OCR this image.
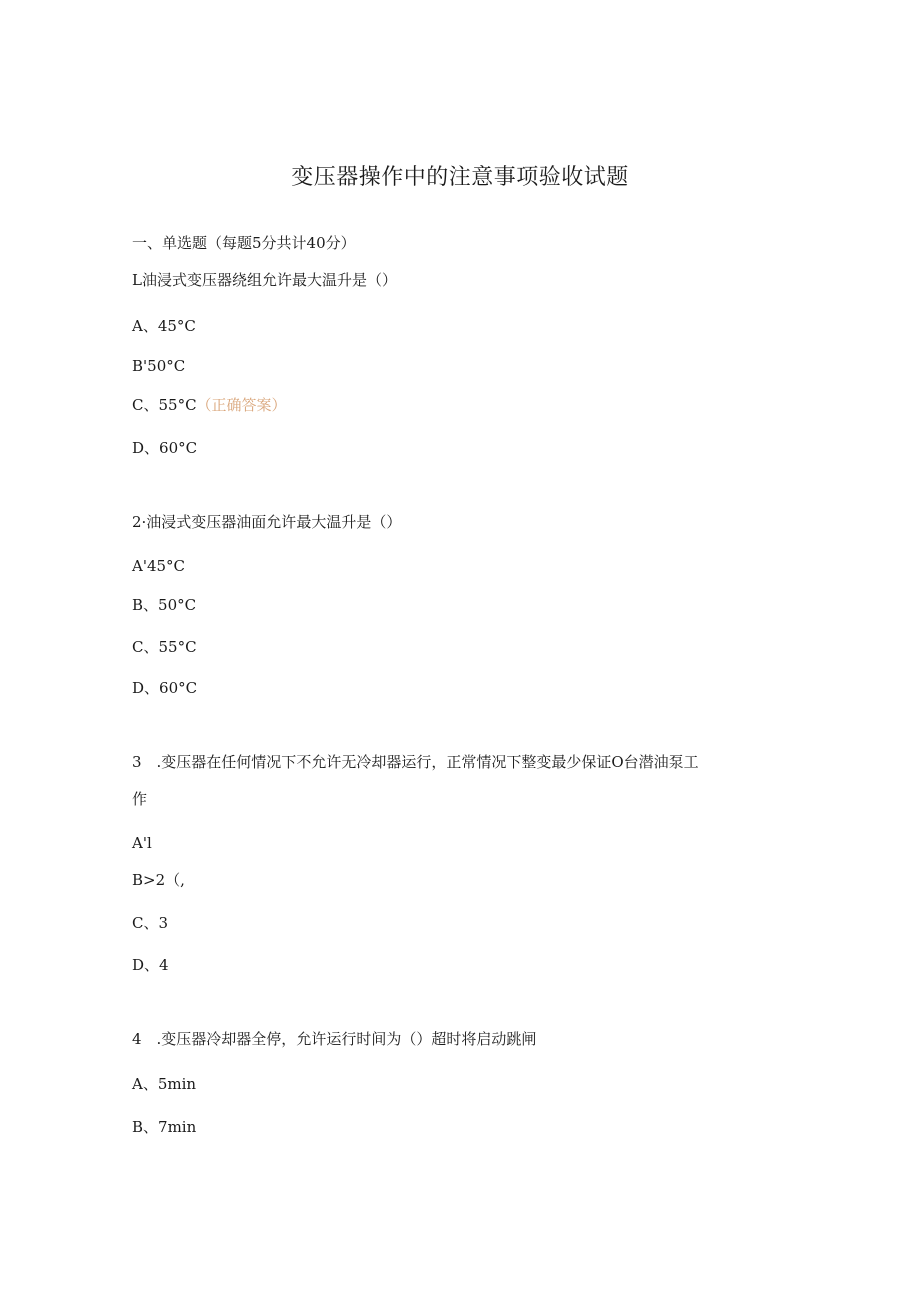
变压器操作中的注意事项验收试题
一、单选题（每题5分共计40分）
L油浸式变压器绕组允许最大温升是（）
A、45°C
B'50°C
C、55°C（正确答案）
D、60°C
2·油浸式变压器油面允许最大温升是（）
A'45°C
B、50°C
C、55°C
D、60°C
3　.变压器在任何情况下不允许无冷却器运行，正常情况下整变最少保证O台潜油泵工
作
A'l
B>2（,
C、3
D、4
4　.变压器冷却器全停，允许运行时间为（）超时将启动跳闸
A、5min
B、7min
